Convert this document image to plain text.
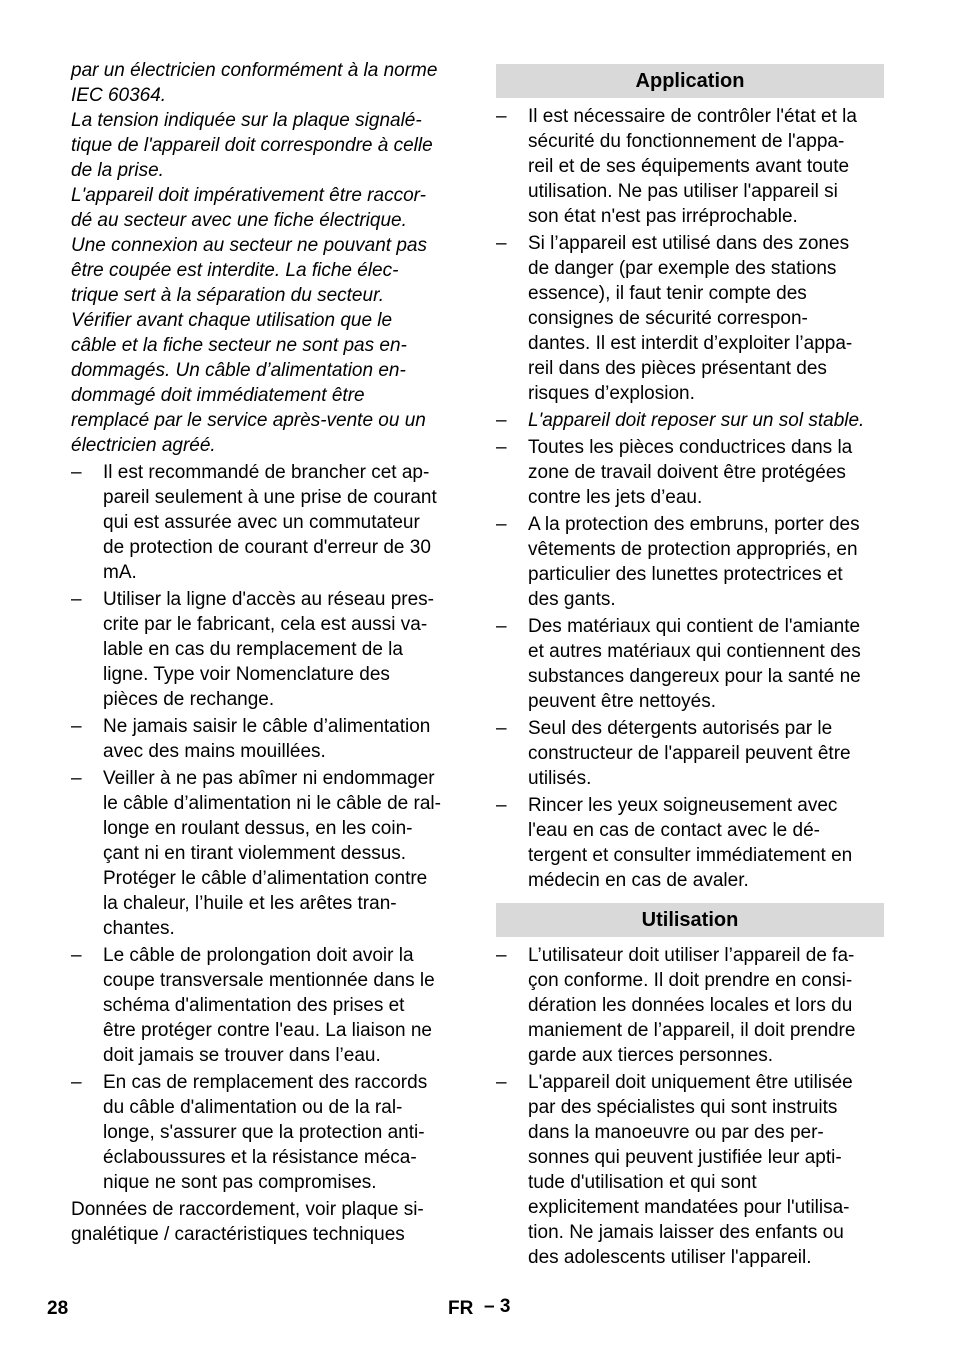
par un électricien conformément à la norme
IEC 60364.
La tension indiquée sur la plaque signalé-
tique de l'appareil doit correspondre à celle
de la prise.
L'appareil doit impérativement être raccor-
dé au secteur avec une fiche électrique.
Une connexion au secteur ne pouvant pas
être coupée est interdite. La fiche élec-
trique sert à la séparation du secteur.
Vérifier avant chaque utilisation que le
câble et la fiche secteur ne sont pas en-
dommagés. Un câble d’alimentation en-
dommagé doit immédiatement être
remplacé par le service après-vente ou un
électricien agréé.
–	Il est recommandé de brancher cet ap-
pareil seulement à une prise de courant
qui est assurée avec un commutateur
de protection de courant d'erreur de 30
mA.
–	Utiliser la ligne d'accès au réseau pres-
crite par le fabricant, cela est aussi va-
lable en cas du remplacement de la
ligne. Type voir Nomenclature des
pièces de rechange.
–	Ne jamais saisir le câble d’alimentation
avec des mains mouillées.
–	Veiller à ne pas abîmer ni endommager
le câble d’alimentation ni le câble de ral-
longe en roulant dessus, en les coin-
çant ni en tirant violemment dessus.
Protéger le câble d’alimentation contre
la chaleur, l’huile et les arêtes tran-
chantes.
–	Le câble de prolongation doit avoir la
coupe transversale mentionnée dans le
schéma d'alimentation des prises et
être protéger contre l'eau. La liaison ne
doit jamais se trouver dans l’eau.
–	En cas de remplacement des raccords
du câble d'alimentation ou de la ral-
longe, s'assurer que la protection anti-
éclaboussures et la résistance méca-
nique ne sont pas compromises.
Données de raccordement, voir plaque si-
gnalétique / caractéristiques techniques
Application
–	Il est nécessaire de contrôler l'état et la
sécurité du fonctionnement de l'appa-
reil et de ses équipements avant toute
utilisation. Ne pas utiliser l'appareil si
son état n'est pas irréprochable.
–	Si l’appareil est utilisé dans des zones
de danger (par exemple des stations
essence), il faut tenir compte des
consignes de sécurité correspon-
dantes. Il est interdit d’exploiter l’appa-
reil dans des pièces présentant des
risques d’explosion.
–	L'appareil doit reposer sur un sol stable.
–	Toutes les pièces conductrices dans la
zone de travail doivent être protégées
contre les jets d’eau.
–	A la protection des embruns, porter des
vêtements de protection appropriés, en
particulier des lunettes protectrices et
des gants.
–	Des matériaux qui contient de l'amiante
et autres matériaux qui contiennent des
substances dangereux pour la santé ne
peuvent être nettoyés.
–	Seul des détergents autorisés par le
constructeur de l'appareil peuvent être
utilisés.
–	Rincer les yeux soigneusement avec
l'eau en cas de contact avec le dé-
tergent et consulter immédiatement en
médecin en cas de avaler.
Utilisation
–	L’utilisateur doit utiliser l’appareil de fa-
çon conforme. Il doit prendre en consi-
dération les données locales et lors du
maniement de l’appareil, il doit prendre
garde aux tierces personnes.
–	L'appareil doit uniquement être utilisée
par des spécialistes qui sont instruits
dans la manoeuvre ou par des per-
sonnes qui peuvent justifiée leur apti-
tude d'utilisation et qui sont
explicitement mandatées pour l'utilisa-
tion. Ne jamais laisser des enfants ou
des adolescents utiliser l'appareil.
28	FR – 3
